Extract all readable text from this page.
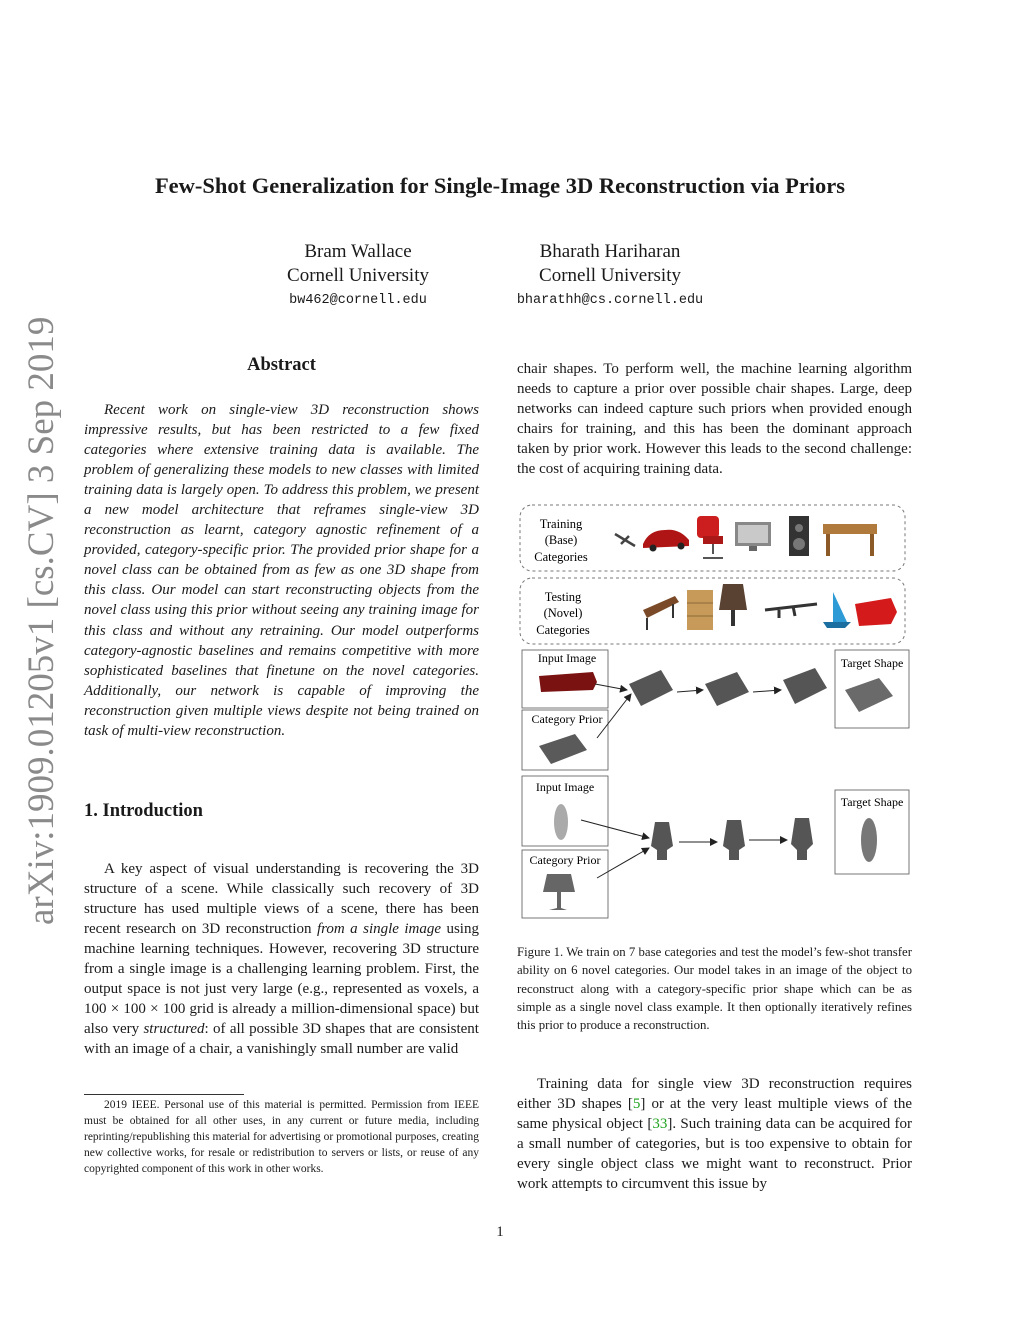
arXiv:1909.01205v1 [cs.CV] 3 Sep 2019
Few-Shot Generalization for Single-Image 3D Reconstruction via Priors
Bram Wallace
Cornell University
bw462@cornell.edu
Bharath Hariharan
Cornell University
bharathh@cs.cornell.edu
Abstract
Recent work on single-view 3D reconstruction shows impressive results, but has been restricted to a few fixed categories where extensive training data is available. The problem of generalizing these models to new classes with limited training data is largely open. To address this problem, we present a new model architecture that reframes single-view 3D reconstruction as learnt, category agnostic refinement of a provided, category-specific prior. The provided prior shape for a novel class can be obtained from as few as one 3D shape from this class. Our model can start reconstructing objects from the novel class using this prior without seeing any training image for this class and without any retraining. Our model outperforms category-agnostic baselines and remains competitive with more sophisticated baselines that finetune on the novel categories. Additionally, our network is capable of improving the reconstruction given multiple views despite not being trained on task of multi-view reconstruction.
1. Introduction
A key aspect of visual understanding is recovering the 3D structure of a scene. While classically such recovery of 3D structure has used multiple views of a scene, there has been recent research on 3D reconstruction from a single image using machine learning techniques. However, recovering 3D structure from a single image is a challenging learning problem. First, the output space is not just very large (e.g., represented as voxels, a 100 × 100 × 100 grid is already a million-dimensional space) but also very structured: of all possible 3D shapes that are consistent with an image of a chair, a vanishingly small number are valid
2019 IEEE. Personal use of this material is permitted. Permission from IEEE must be obtained for all other uses, in any current or future media, including reprinting/republishing this material for advertising or promotional purposes, creating new collective works, for resale or redistribution to servers or lists, or reuse of any copyrighted component of this work in other works.
chair shapes. To perform well, the machine learning algorithm needs to capture a prior over possible chair shapes. Large, deep networks can indeed capture such priors when provided enough chairs for training, and this has been the dominant approach taken by prior work. However this leads to the second challenge: the cost of acquiring training data.
Training
(Base)
Categories
Testing
(Novel)
Categories
Input Image
Category Prior
Target Shape
Input Image
Category Prior
Target Shape
Figure 1. We train on 7 base categories and test the model’s few-shot transfer ability on 6 novel categories. Our model takes in an image of the object to reconstruct along with a category-specific prior shape which can be as simple as a single novel class example. It then optionally iteratively refines this prior to produce a reconstruction.
Training data for single view 3D reconstruction requires either 3D shapes [5] or at the very least multiple views of the same physical object [33]. Such training data can be acquired for a small number of categories, but is too expensive to obtain for every single object class we might want to reconstruct. Prior work attempts to circumvent this issue by
1
